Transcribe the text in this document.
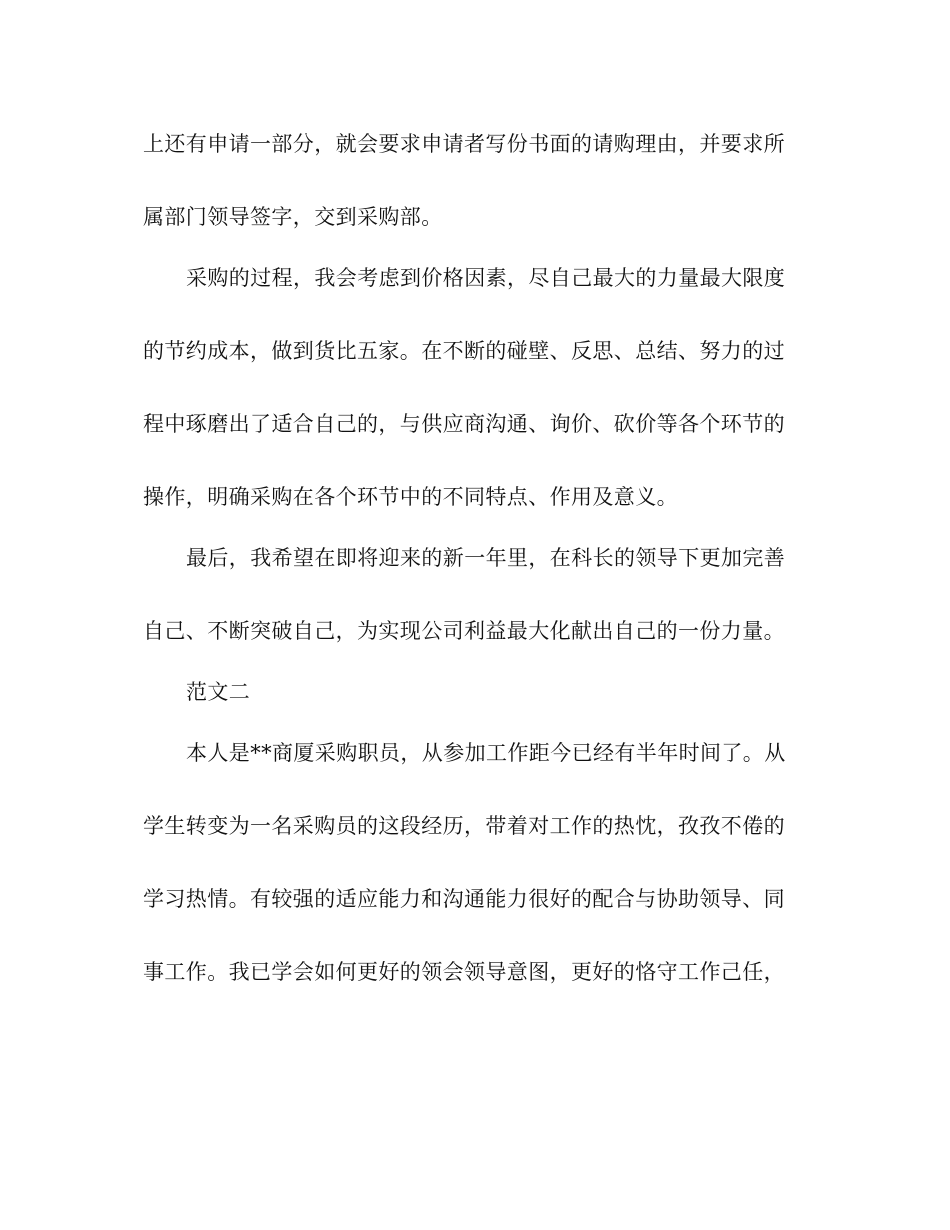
上还有申请一部分，就会要求申请者写份书面的请购理由，并要求所
属部门领导签字，交到采购部。
采购的过程，我会考虑到价格因素，尽自己最大的力量最大限度
的节约成本，做到货比五家。在不断的碰壁、反思、总结、努力的过
程中琢磨出了适合自己的，与供应商沟通、询价、砍价等各个环节的
操作，明确采购在各个环节中的不同特点、作用及意义。
最后，我希望在即将迎来的新一年里，在科长的领导下更加完善
自己、不断突破自己，为实现公司利益最大化献出自己的一份力量。
范文二
本人是**商厦采购职员，从参加工作距今已经有半年时间了。从
学生转变为一名采购员的这段经历，带着对工作的热忱，孜孜不倦的
学习热情。有较强的适应能力和沟通能力很好的配合与协助领导、同
事工作。我已学会如何更好的领会领导意图，更好的恪守工作己任，
